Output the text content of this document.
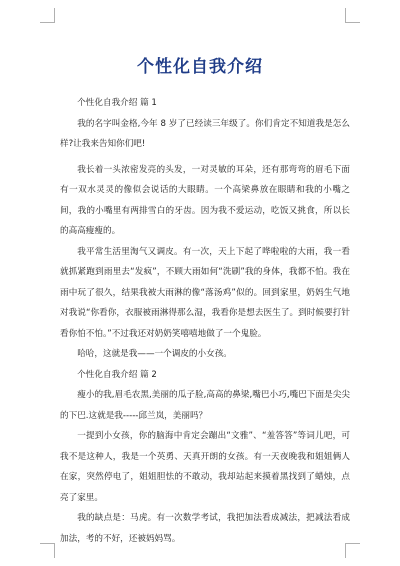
个性化自我介绍

个性化自我介绍 篇 1

我的名字叫金格,今年 8 岁了已经读三年级了。你们肯定不知道我是怎么样?让我来告知你们吧!

我长着一头浓密发亮的头发，一对灵敏的耳朵，还有那弯弯的眉毛下面有一双水灵灵的像似会说话的大眼睛。一个高梁鼻放在眼睛和我的小嘴之间，我的小嘴里有两排雪白的牙齿。因为我不爱运动，吃饭又挑食，所以长的高高瘦瘦的。

我平常生活里淘气又调皮。有一次，天上下起了哗啦啦的大雨，我一看就抓紧跑到雨里去“发疯”，不顾大雨如何“洗刷”我的身体，我都不怕。我在雨中玩了很久，结果我被大雨淋的像“落汤鸡”似的。回到家里，奶妈生气地对我说“你看你，衣服被雨淋得那么湿，我看你是想去医生了。到时候要打针看你怕不怕。”不过我还对奶奶笑嘻嘻地做了一个鬼脸。

哈哈，这就是我——一个调皮的小女孩。

个性化自我介绍 篇 2

瘦小的我,眉毛农黑,美丽的瓜子脸,高高的鼻梁,嘴巴小巧,嘴巴下面是尖尖的下巴.这就是我-----邱兰岚，美丽吗？

一提到小女孩，你的脑海中肯定会蹦出“文雅”、“羞答答”等词儿吧，可我不是这种人，我是一个英勇、天真开朗的女孩。有一天夜晚我和姐姐俩人在家，突然停电了，姐姐胆怯的不敢动，我却站起来摸着黑找到了蜡烛，点亮了家里。

我的缺点是：马虎。有一次数学考试，我把加法看成减法，把减法看成加法，考的不好，还被妈妈骂。
